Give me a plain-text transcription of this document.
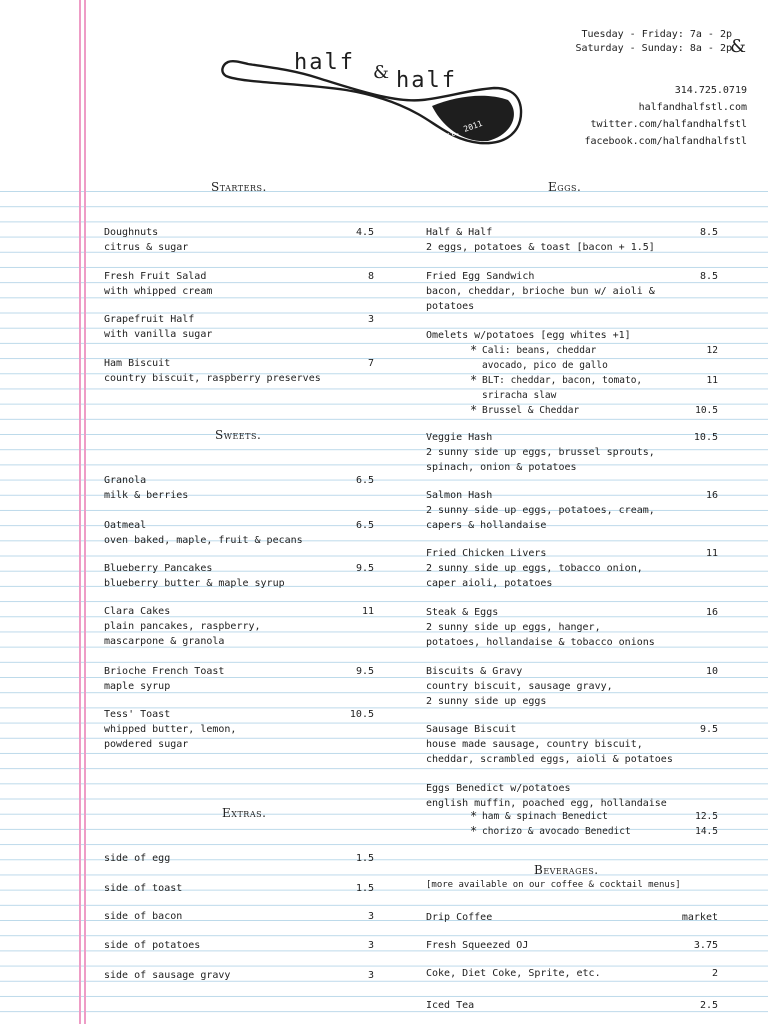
half & half
est. 2011
Tuesday - Friday: 7a - 2p
Saturday - Sunday: 8a - 2p
&
314.725.0719
halfandhalfstl.com
twitter.com/halfandhalfstl
facebook.com/halfandhalfstl
Starters.
Doughnuts	4.5
citrus & sugar
Fresh Fruit Salad	8
with whipped cream
Grapefruit Half	3
with vanilla sugar
Ham Biscuit	7
country biscuit, raspberry preserves
Sweets.
Granola	6.5
milk & berries
Oatmeal	6.5
oven baked, maple, fruit & pecans
Blueberry Pancakes	9.5
blueberry butter & maple syrup
Clara Cakes	11
plain pancakes, raspberry,
mascarpone & granola
Brioche French Toast	9.5
maple syrup
Tess' Toast	10.5
whipped butter, lemon,
powdered sugar
Extras.
side of egg	1.5
side of toast	1.5
side of bacon	3
side of potatoes	3
side of sausage gravy	3
Eggs.
Half & Half	8.5
2 eggs, potatoes & toast [bacon + 1.5]
Fried Egg Sandwich	8.5
bacon, cheddar, brioche bun w/ aioli &
potatoes
Omelets w/potatoes [egg whites +1]
* Cali: beans, cheddar	12
avocado, pico de gallo
* BLT: cheddar, bacon, tomato,	11
sriracha slaw
* Brussel & Cheddar	10.5
Veggie Hash	10.5
2 sunny side up eggs, brussel sprouts,
spinach, onion & potatoes
Salmon Hash	16
2 sunny side up eggs, potatoes, cream,
capers & hollandaise
Fried Chicken Livers	11
2 sunny side up eggs, tobacco onion,
caper aioli, potatoes
Steak & Eggs	16
2 sunny side up eggs, hanger,
potatoes, hollandaise & tobacco onions
Biscuits & Gravy	10
country biscuit, sausage gravy,
2 sunny side up eggs
Sausage Biscuit	9.5
house made sausage, country biscuit,
cheddar, scrambled eggs, aioli & potatoes
Eggs Benedict w/potatoes
english muffin, poached egg, hollandaise
* ham & spinach Benedict	12.5
* chorizo & avocado Benedict	14.5
Beverages.
[more available on our coffee & cocktail menus]
Drip Coffee	market
Fresh Squeezed OJ	3.75
Coke, Diet Coke, Sprite, etc.	2
Iced Tea	2.5
